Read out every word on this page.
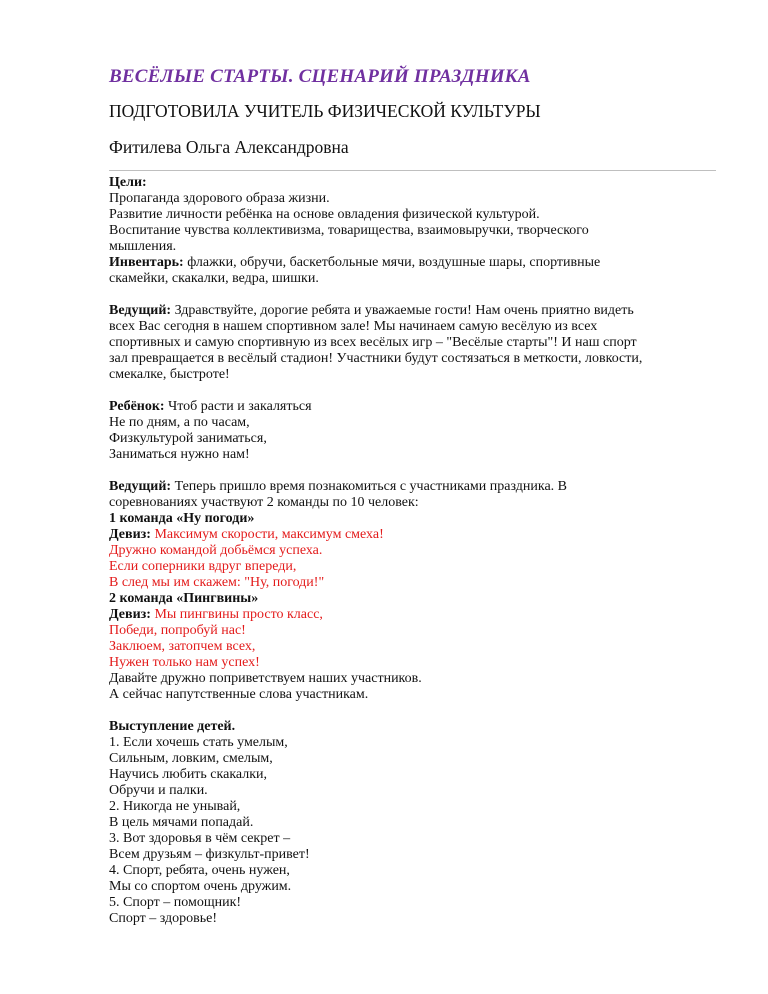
ВЕСЁЛЫЕ СТАРТЫ. СЦЕНАРИЙ ПРАЗДНИКА
ПОДГОТОВИЛА УЧИТЕЛЬ ФИЗИЧЕСКОЙ КУЛЬТУРЫ
Фитилева Ольга Александровна
Цели:
Пропаганда здорового образа жизни.
Развитие личности ребёнка на основе овладения физической культурой.
Воспитание чувства коллективизма, товарищества, взаимовыручки, творческого
мышления.
Инвентарь: флажки, обручи, баскетбольные мячи, воздушные шары, спортивные
скамейки, скакалки, ведра, шишки.
Ведущий: Здравствуйте, дорогие ребята и уважаемые гости! Нам очень приятно видеть
всех Вас сегодня в нашем спортивном зале! Мы начинаем самую весёлую из всех
спортивных и самую спортивную из всех весёлых игр – "Весёлые старты"! И наш спорт
зал превращается в весёлый стадион! Участники будут состязаться в меткости, ловкости,
смекалке, быстроте!
Ребёнок: Чтоб расти и закаляться
Не по дням, а по часам,
Физкультурой заниматься,
Заниматься нужно нам!
Ведущий: Теперь пришло время познакомиться с участниками праздника. В
соревнованиях участвуют 2 команды по 10 человек:
1 команда «Ну погоди»
Девиз: Максимум скорости, максимум смеха!
Дружно командой добьёмся успеха.
Если соперники вдруг впереди,
В след мы им скажем: "Ну, погоди!"
2 команда «Пингвины»
Девиз: Мы пингвины просто класс,
Победи, попробуй нас!
Заклюем, затопчем всех,
Нужен только нам успех!
Давайте дружно поприветствуем наших участников.
А сейчас напутственные слова участникам.
Выступление детей.
1. Если хочешь стать умелым,
Сильным, ловким, смелым,
Научись любить скакалки,
Обручи и палки.
2. Никогда не унывай,
В цель мячами попадай.
3. Вот здоровья в чём секрет –
Всем друзьям – физкульт-привет!
4. Спорт, ребята, очень нужен,
Мы со спортом очень дружим.
5. Спорт – помощник!
Спорт – здоровье!
